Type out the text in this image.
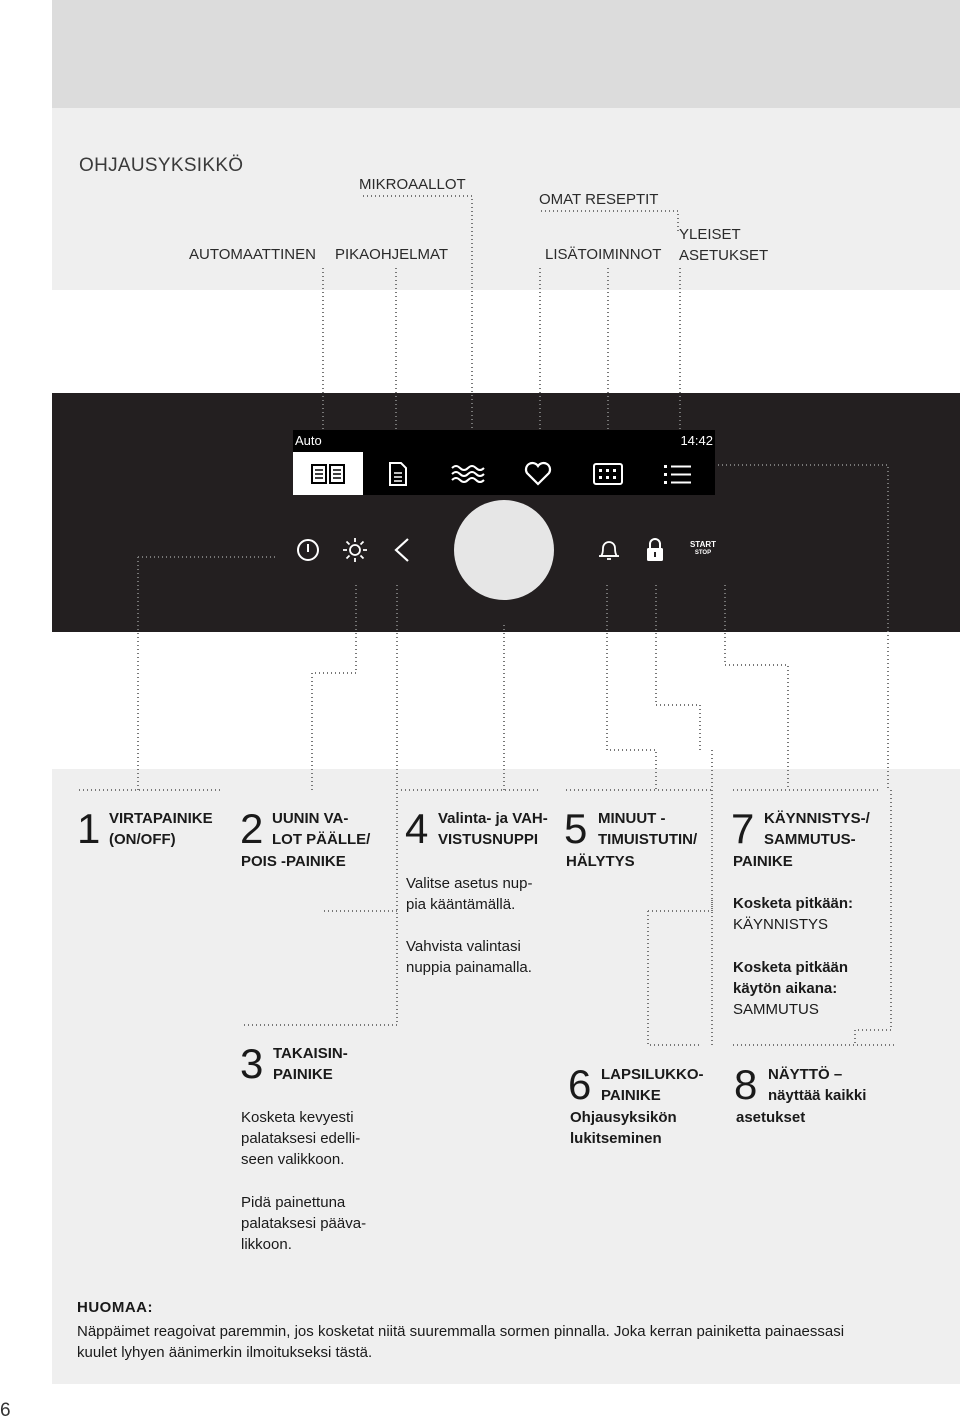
OHJAUSYKSIKKÖ
MIKROAALLOT
OMAT RESEPTIT
YLEISET
AUTOMAATTINEN PIKAOHJELMAT	LISÄTOIMINNOT ASETUKSET
Auto	14:42
START
STOP
1 VIRTAPAINIKE
(ON/OFF) 2 UUNIN VA-
LOT PÄÄLLE/
POIS -PAINIKE
4 Valinta- ja VAH-
VISTUSNUPPI
Valitse asetus nup-
pia kääntämällä.
Vahvista valintasi
nuppia painamalla.
5 MINUUT -
TIMUISTUTIN/
HÄLYTYS
7 KÄYNNISTYS-/
SAMMUTUS-
PAINIKE
Kosketa pitkään:
KÄYNNISTYS
Kosketa pitkään
käytön aikana:
SAMMUTUS
3 TAKAISIN-
PAINIKE
Kosketa kevyesti
palataksesi edelli-
seen valikkoon.
Pidä painettuna
palataksesi pääva-
likkoon.
6 LAPSILUKKO-
PAINIKE
Ohjausyksikön
lukitseminen
8 NÄYTTÖ –
näyttää kaikki
asetukset
HUOMAA:
Näppäimet reagoivat paremmin, jos kosketat niitä suuremmalla sormen pinnalla. Joka kerran painiketta painaessasi
kuulet lyhyen äänimerkin ilmoitukseksi tästä.
6
